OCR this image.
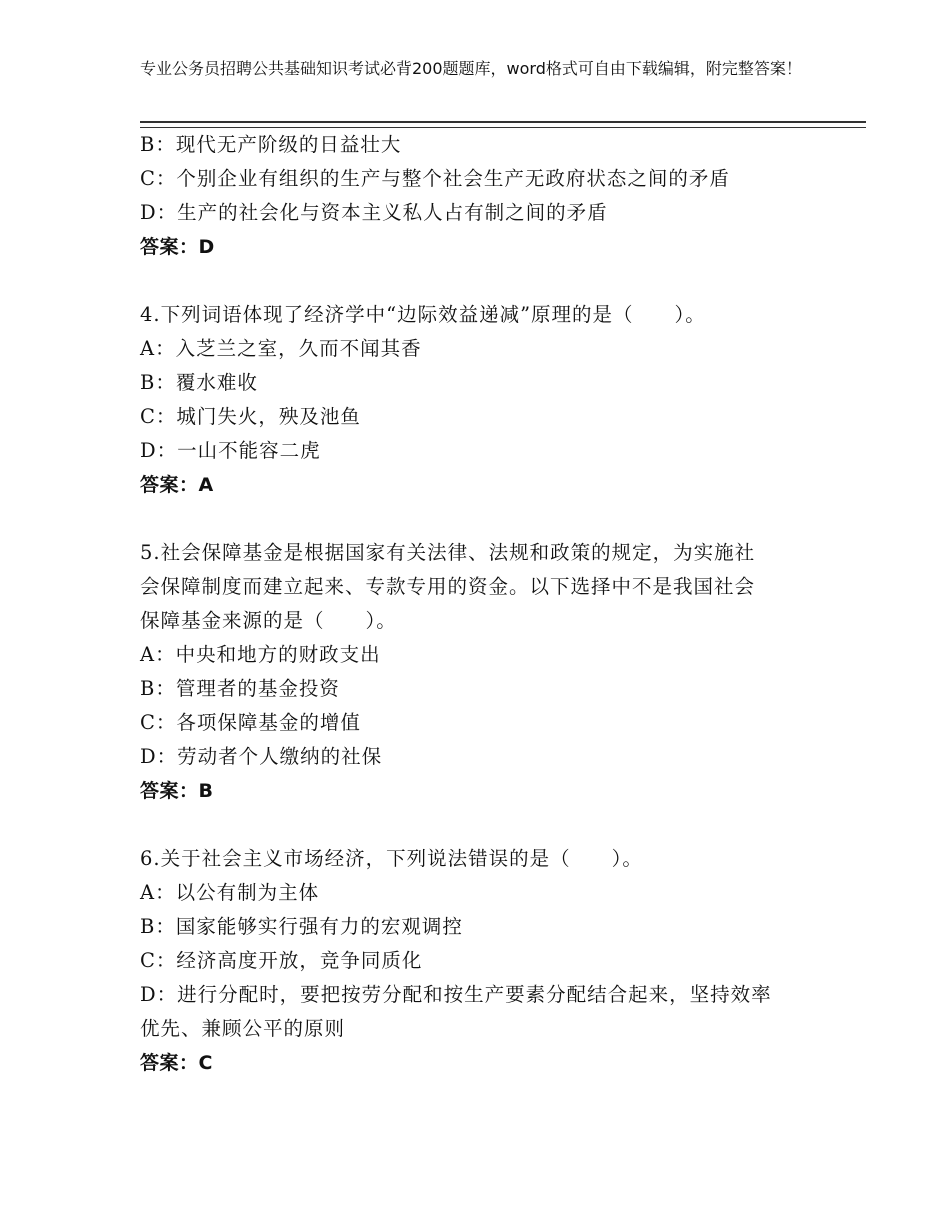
专业公务员招聘公共基础知识考试必背200题题库，word格式可自由下载编辑，附完整答案！
B：现代无产阶级的日益壮大
C：个别企业有组织的生产与整个社会生产无政府状态之间的矛盾
D：生产的社会化与资本主义私人占有制之间的矛盾
答案：D
4.下列词语体现了经济学中“边际效益递减”原理的是（　　）。
A：入芝兰之室，久而不闻其香
B：覆水难收
C：城门失火，殃及池鱼
D：一山不能容二虎
答案：A
5.社会保障基金是根据国家有关法律、法规和政策的规定，为实施社
会保障制度而建立起来、专款专用的资金。以下选择中不是我国社会
保障基金来源的是（　　）。
A：中央和地方的财政支出
B：管理者的基金投资
C：各项保障基金的增值
D：劳动者个人缴纳的社保
答案：B
6.关于社会主义市场经济，下列说法错误的是（　　）。
A：以公有制为主体
B：国家能够实行强有力的宏观调控
C：经济高度开放，竞争同质化
D：进行分配时，要把按劳分配和按生产要素分配结合起来，坚持效率
优先、兼顾公平的原则
答案：C
